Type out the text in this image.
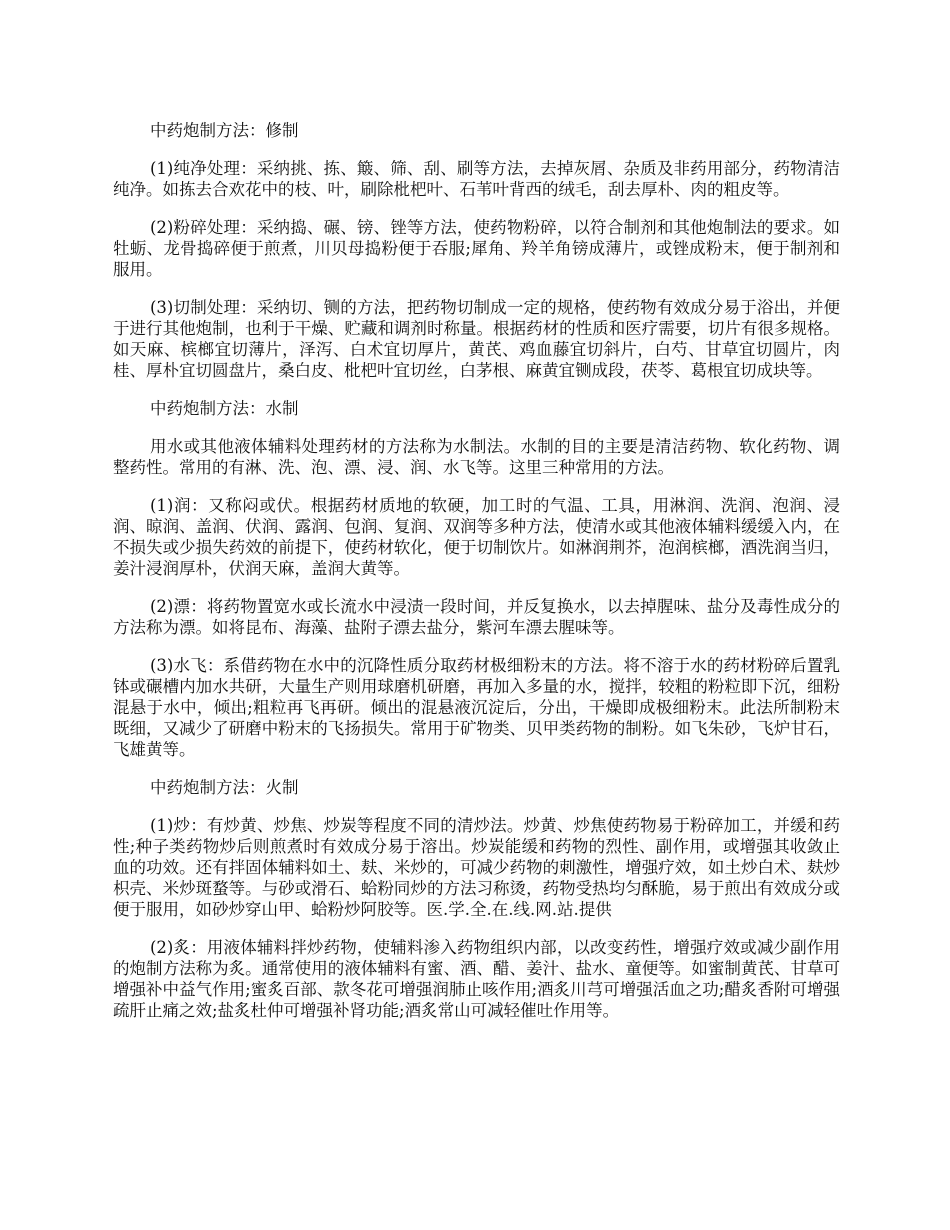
中药炮制方法：修制

(1)纯净处理：采纳挑、拣、簸、筛、刮、刷等方法，去掉灰屑、杂质及非药用部分，药物清洁纯净。如拣去合欢花中的枝、叶，刷除枇杷叶、石苇叶背西的绒毛，刮去厚朴、肉的粗皮等。

(2)粉碎处理：采纳捣、碾、镑、锉等方法，使药物粉碎，以符合制剂和其他炮制法的要求。如牡蛎、龙骨捣碎便于煎煮，川贝母捣粉便于吞服;犀角、羚羊角镑成薄片，或锉成粉末，便于制剂和服用。

(3)切制处理：采纳切、铡的方法，把药物切制成一定的规格，使药物有效成分易于浴出，并便于进行其他炮制，也利于干燥、贮藏和调剂时称量。根据药材的性质和医疗需要，切片有很多规格。如天麻、槟榔宜切薄片，泽泻、白术宜切厚片，黄芪、鸡血藤宜切斜片，白芍、甘草宜切圆片，肉桂、厚朴宜切圆盘片，桑白皮、枇杷叶宜切丝，白茅根、麻黄宜铡成段，茯苓、葛根宜切成块等。

中药炮制方法：水制

用水或其他液体辅料处理药材的方法称为水制法。水制的目的主要是清洁药物、软化药物、调整药性。常用的有淋、洗、泡、漂、浸、润、水飞等。这里三种常用的方法。

(1)润：又称闷或伏。根据药材质地的软硬，加工时的气温、工具，用淋润、洗润、泡润、浸润、晾润、盖润、伏润、露润、包润、复润、双润等多种方法，使清水或其他液体辅料缓缓入内，在不损失或少损失药效的前提下，使药材软化，便于切制饮片。如淋润荆芥，泡润槟榔，酒洗润当归，姜汁浸润厚朴，伏润天麻，盖润大黄等。

(2)漂：将药物置宽水或长流水中浸渍一段时间，并反复换水，以去掉腥味、盐分及毒性成分的方法称为漂。如将昆布、海藻、盐附子漂去盐分，紫河车漂去腥味等。

(3)水飞：系借药物在水中的沉降性质分取药材极细粉末的方法。将不溶于水的药材粉碎后置乳钵或碾槽内加水共研，大量生产则用球磨机研磨，再加入多量的水，搅拌，较粗的粉粒即下沉，细粉混悬于水中，倾出;粗粒再飞再研。倾出的混悬液沉淀后，分出，干燥即成极细粉末。此法所制粉末既细，又减少了研磨中粉末的飞扬损失。常用于矿物类、贝甲类药物的制粉。如飞朱砂，飞炉甘石，飞雄黄等。

中药炮制方法：火制

(1)炒：有炒黄、炒焦、炒炭等程度不同的清炒法。炒黄、炒焦使药物易于粉碎加工，并缓和药性;种子类药物炒后则煎煮时有效成分易于溶出。炒炭能缓和药物的烈性、副作用，或增强其收敛止血的功效。还有拌固体辅料如土、麸、米炒的，可减少药物的刺激性，增强疗效，如土炒白术、麸炒枳壳、米炒斑蝥等。与砂或滑石、蛤粉同炒的方法习称烫，药物受热均匀酥脆，易于煎出有效成分或便于服用，如砂炒穿山甲、蛤粉炒阿胶等。医.学.全.在.线.网.站.提供

(2)炙：用液体辅料拌炒药物，使辅料渗入药物组织内部，以改变药性，增强疗效或减少副作用的炮制方法称为炙。通常使用的液体辅料有蜜、酒、醋、姜汁、盐水、童便等。如蜜制黄芪、甘草可增强补中益气作用;蜜炙百部、款冬花可增强润肺止咳作用;酒炙川芎可增强活血之功;醋炙香附可增强疏肝止痛之效;盐炙杜仲可增强补肾功能;酒炙常山可减轻催吐作用等。
